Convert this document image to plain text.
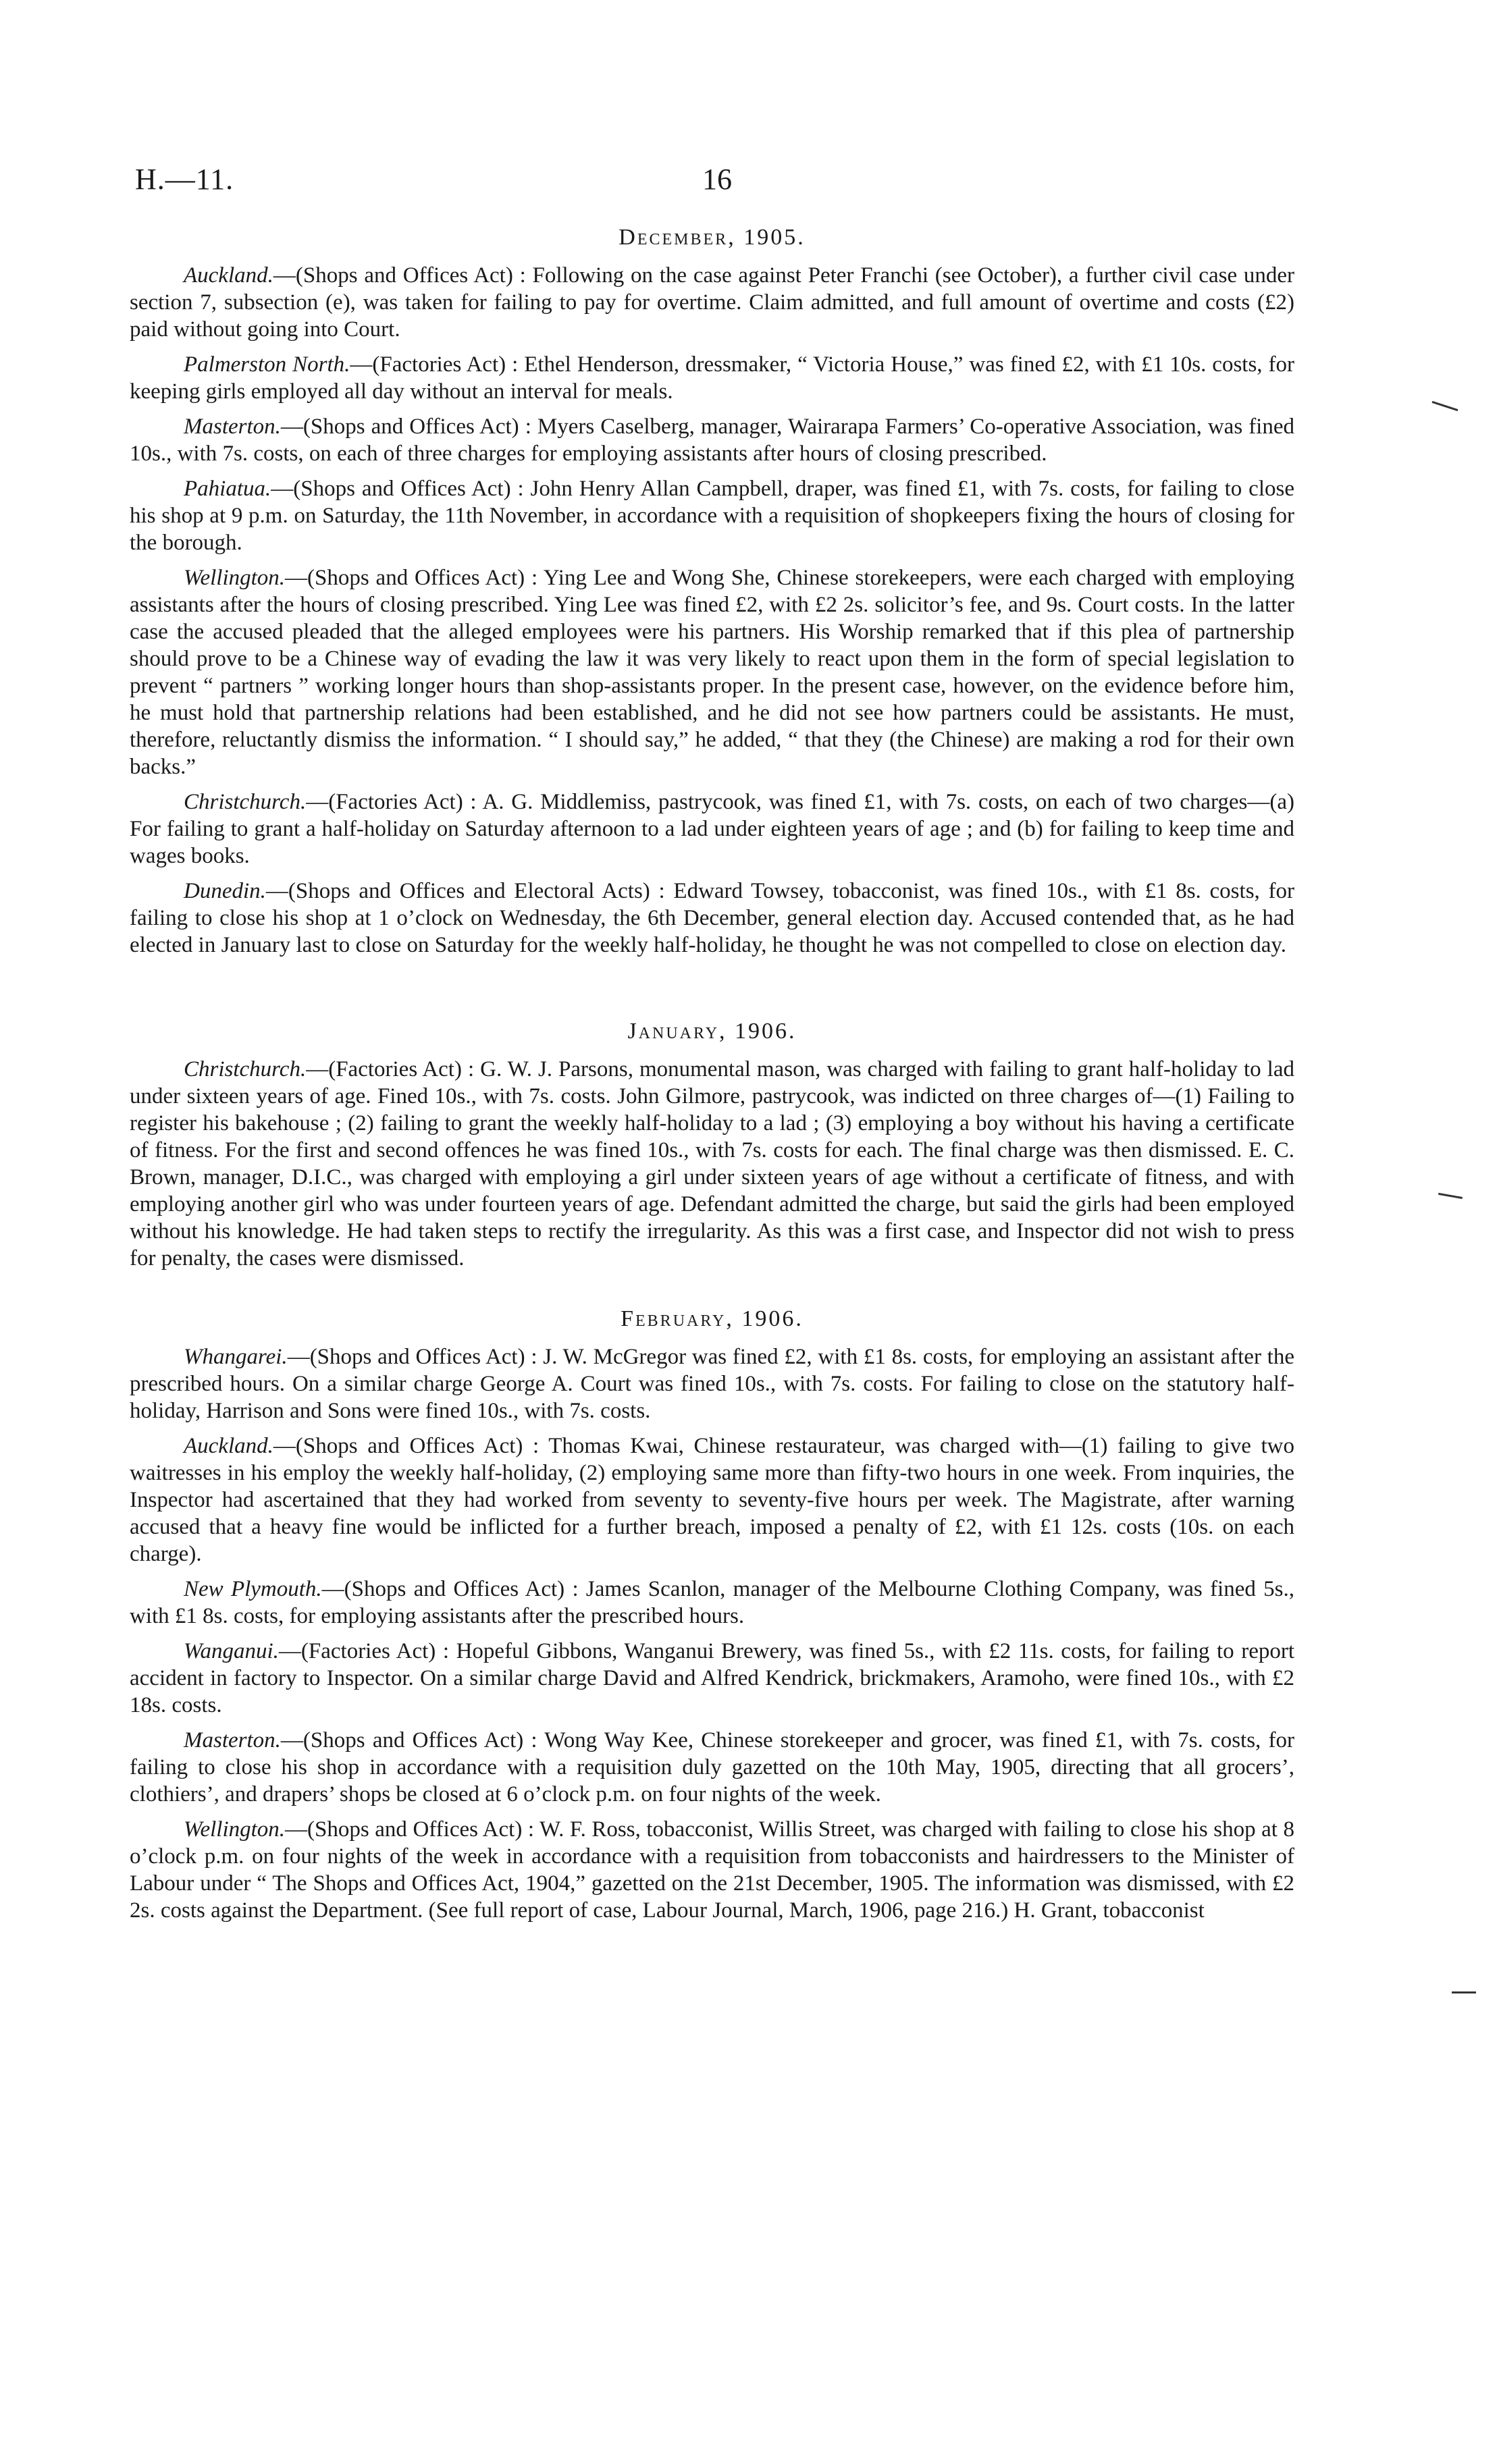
H.—11.	16
December, 1905.

Auckland.—(Shops and Offices Act) : Following on the case against Peter Franchi (see October), a further civil case under section 7, subsection (e), was taken for failing to pay for overtime. Claim admitted, and full amount of overtime and costs (£2) paid without going into Court.

Palmerston North.—(Factories Act) : Ethel Henderson, dressmaker, “ Victoria House,” was fined £2, with £1 10s. costs, for keeping girls employed all day without an interval for meals.

Masterton.—(Shops and Offices Act) : Myers Caselberg, manager, Wairarapa Farmers’ Co-operative Association, was fined 10s., with 7s. costs, on each of three charges for employing assistants after hours of closing prescribed.

Pahiatua.—(Shops and Offices Act) : John Henry Allan Campbell, draper, was fined £1, with 7s. costs, for failing to close his shop at 9 p.m. on Saturday, the 11th November, in accordance with a requisition of shopkeepers fixing the hours of closing for the borough.

Wellington.—(Shops and Offices Act) : Ying Lee and Wong She, Chinese storekeepers, were each charged with employing assistants after the hours of closing prescribed. Ying Lee was fined £2, with £2 2s. solicitor’s fee, and 9s. Court costs. In the latter case the accused pleaded that the alleged employees were his partners. His Worship remarked that if this plea of partnership should prove to be a Chinese way of evading the law it was very likely to react upon them in the form of special legislation to prevent “ partners ” working longer hours than shop-assistants proper. In the present case, however, on the evidence before him, he must hold that partnership relations had been established, and he did not see how partners could be assistants. He must, therefore, reluctantly dismiss the information. “ I should say,” he added, “ that they (the Chinese) are making a rod for their own backs.”

Christchurch.—(Factories Act) : A. G. Middlemiss, pastrycook, was fined £1, with 7s. costs, on each of two charges—(a) For failing to grant a half-holiday on Saturday afternoon to a lad under eighteen years of age ; and (b) for failing to keep time and wages books.

Dunedin.—(Shops and Offices and Electoral Acts) : Edward Towsey, tobacconist, was fined 10s., with £1 8s. costs, for failing to close his shop at 1 o’clock on Wednesday, the 6th December, general election day. Accused contended that, as he had elected in January last to close on Saturday for the weekly half-holiday, he thought he was not compelled to close on election day.

January, 1906.

Christchurch.—(Factories Act) : G. W. J. Parsons, monumental mason, was charged with failing to grant half-holiday to lad under sixteen years of age. Fined 10s., with 7s. costs. John Gilmore, pastrycook, was indicted on three charges of—(1) Failing to register his bakehouse ; (2) failing to grant the weekly half-holiday to a lad ; (3) employing a boy without his having a certificate of fitness. For the first and second offences he was fined 10s., with 7s. costs for each. The final charge was then dismissed. E. C. Brown, manager, D.I.C., was charged with employing a girl under sixteen years of age without a certificate of fitness, and with employing another girl who was under fourteen years of age. Defendant admitted the charge, but said the girls had been employed without his knowledge. He had taken steps to rectify the irregularity. As this was a first case, and Inspector did not wish to press for penalty, the cases were dismissed.

February, 1906.

Whangarei.—(Shops and Offices Act) : J. W. McGregor was fined £2, with £1 8s. costs, for employing an assistant after the prescribed hours. On a similar charge George A. Court was fined 10s., with 7s. costs. For failing to close on the statutory half-holiday, Harrison and Sons were fined 10s., with 7s. costs.

Auckland.—(Shops and Offices Act) : Thomas Kwai, Chinese restaurateur, was charged with—(1) failing to give two waitresses in his employ the weekly half-holiday, (2) employing same more than fifty-two hours in one week. From inquiries, the Inspector had ascertained that they had worked from seventy to seventy-five hours per week. The Magistrate, after warning accused that a heavy fine would be inflicted for a further breach, imposed a penalty of £2, with £1 12s. costs (10s. on each charge).

New Plymouth.—(Shops and Offices Act) : James Scanlon, manager of the Melbourne Clothing Company, was fined 5s., with £1 8s. costs, for employing assistants after the prescribed hours.

Wanganui.—(Factories Act) : Hopeful Gibbons, Wanganui Brewery, was fined 5s., with £2 11s. costs, for failing to report accident in factory to Inspector. On a similar charge David and Alfred Kendrick, brickmakers, Aramoho, were fined 10s., with £2 18s. costs.

Masterton.—(Shops and Offices Act) : Wong Way Kee, Chinese storekeeper and grocer, was fined £1, with 7s. costs, for failing to close his shop in accordance with a requisition duly gazetted on the 10th May, 1905, directing that all grocers’, clothiers’, and drapers’ shops be closed at 6 o’clock p.m. on four nights of the week.

Wellington.—(Shops and Offices Act) : W. F. Ross, tobacconist, Willis Street, was charged with failing to close his shop at 8 o’clock p.m. on four nights of the week in accordance with a requisition from tobacconists and hairdressers to the Minister of Labour under “ The Shops and Offices Act, 1904,” gazetted on the 21st December, 1905. The information was dismissed, with £2 2s. costs against the Department. (See full report of case, Labour Journal, March, 1906, page 216.) H. Grant, tobacconist
